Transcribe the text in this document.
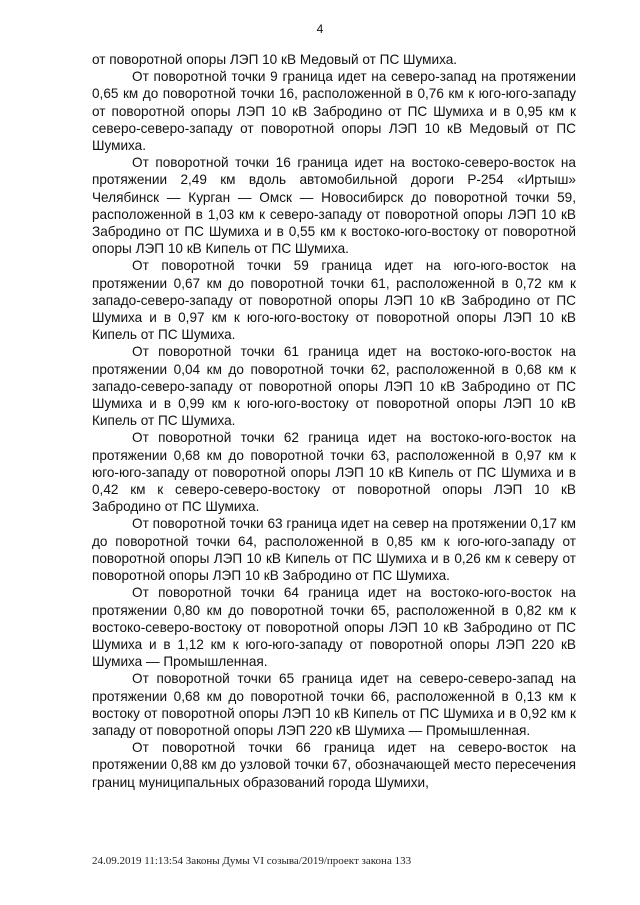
4

от поворотной опоры ЛЭП 10 кВ Медовый от ПС Шумиха.

От поворотной точки 9 граница идет на северо-запад на протяжении 0,65 км до поворотной точки 16, расположенной в 0,76 км к юго-юго-западу от поворотной опоры ЛЭП 10 кВ Забродино от ПС Шумиха и в 0,95 км к северо-северо-западу от поворотной опоры ЛЭП 10 кВ Медовый от ПС Шумиха.

От поворотной точки 16 граница идет на востоко-северо-восток на протяжении 2,49 км вдоль автомобильной дороги Р-254 «Иртыш» Челябинск — Курган — Омск — Новосибирск до поворотной точки 59, расположенной в 1,03 км к северо-западу от поворотной опоры ЛЭП 10 кВ Забродино от ПС Шумиха и в 0,55 км к востоко-юго-востоку от поворотной опоры ЛЭП 10 кВ Кипель от ПС Шумиха.

От поворотной точки 59 граница идет на юго-юго-восток на протяжении 0,67 км до поворотной точки 61, расположенной в 0,72 км к западо-северо-западу от поворотной опоры ЛЭП 10 кВ Забродино от ПС Шумиха и в 0,97 км к юго-юго-востоку от поворотной опоры ЛЭП 10 кВ Кипель от ПС Шумиха.

От поворотной точки 61 граница идет на востоко-юго-восток на протяжении 0,04 км до поворотной точки 62, расположенной в 0,68 км к западо-северо-западу от поворотной опоры ЛЭП 10 кВ Забродино от ПС Шумиха и в 0,99 км к юго-юго-востоку от поворотной опоры ЛЭП 10 кВ Кипель от ПС Шумиха.

От поворотной точки 62 граница идет на востоко-юго-восток на протяжении 0,68 км до поворотной точки 63, расположенной в 0,97 км к юго-юго-западу от поворотной опоры ЛЭП 10 кВ Кипель от ПС Шумиха и в 0,42 км к северо-северо-востоку от поворотной опоры ЛЭП 10 кВ Забродино от ПС Шумиха.

От поворотной точки 63 граница идет на север на протяжении 0,17 км до поворотной точки 64, расположенной в 0,85 км к юго-юго-западу от поворотной опоры ЛЭП 10 кВ Кипель от ПС Шумиха и в 0,26 км к северу от поворотной опоры ЛЭП 10 кВ Забродино от ПС Шумиха.

От поворотной точки 64 граница идет на востоко-юго-восток на протяжении 0,80 км до поворотной точки 65, расположенной в 0,82 км к востоко-северо-востоку от поворотной опоры ЛЭП 10 кВ Забродино от ПС Шумиха и в 1,12 км к юго-юго-западу от поворотной опоры ЛЭП 220 кВ Шумиха — Промышленная.

От поворотной точки 65 граница идет на северо-северо-запад на протяжении 0,68 км до поворотной точки 66, расположенной в 0,13 км к востоку от поворотной опоры ЛЭП 10 кВ Кипель от ПС Шумиха и в 0,92 км к западу от поворотной опоры ЛЭП 220 кВ Шумиха — Промышленная.

От поворотной точки 66 граница идет на северо-восток на протяжении 0,88 км до узловой точки 67, обозначающей место пересечения границ муниципальных образований города Шумихи,

24.09.2019 11:13:54 Законы Думы VI созыва/2019/проект закона 133
